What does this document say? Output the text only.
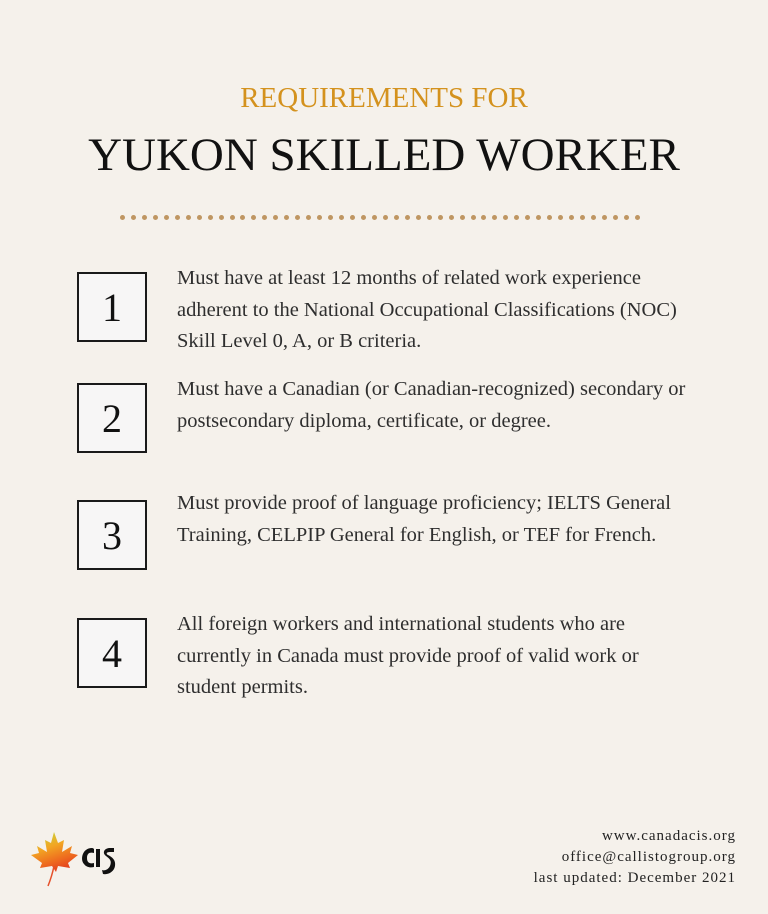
REQUIREMENTS FOR
YUKON SKILLED WORKER
1
Must have at least 12 months of related work experience adherent to the National Occupational Classifications (NOC) Skill Level 0, A, or B criteria.
2
Must have a Canadian (or Canadian-recognized) secondary or postsecondary diploma, certificate, or degree.
3
Must provide proof of language proficiency; IELTS General Training, CELPIP General for English, or TEF for French.
4
All foreign workers and international students who are currently in Canada must provide proof of valid work or student permits.
www.canadacis.org
office@callistogroup.org
last updated: December 2021
